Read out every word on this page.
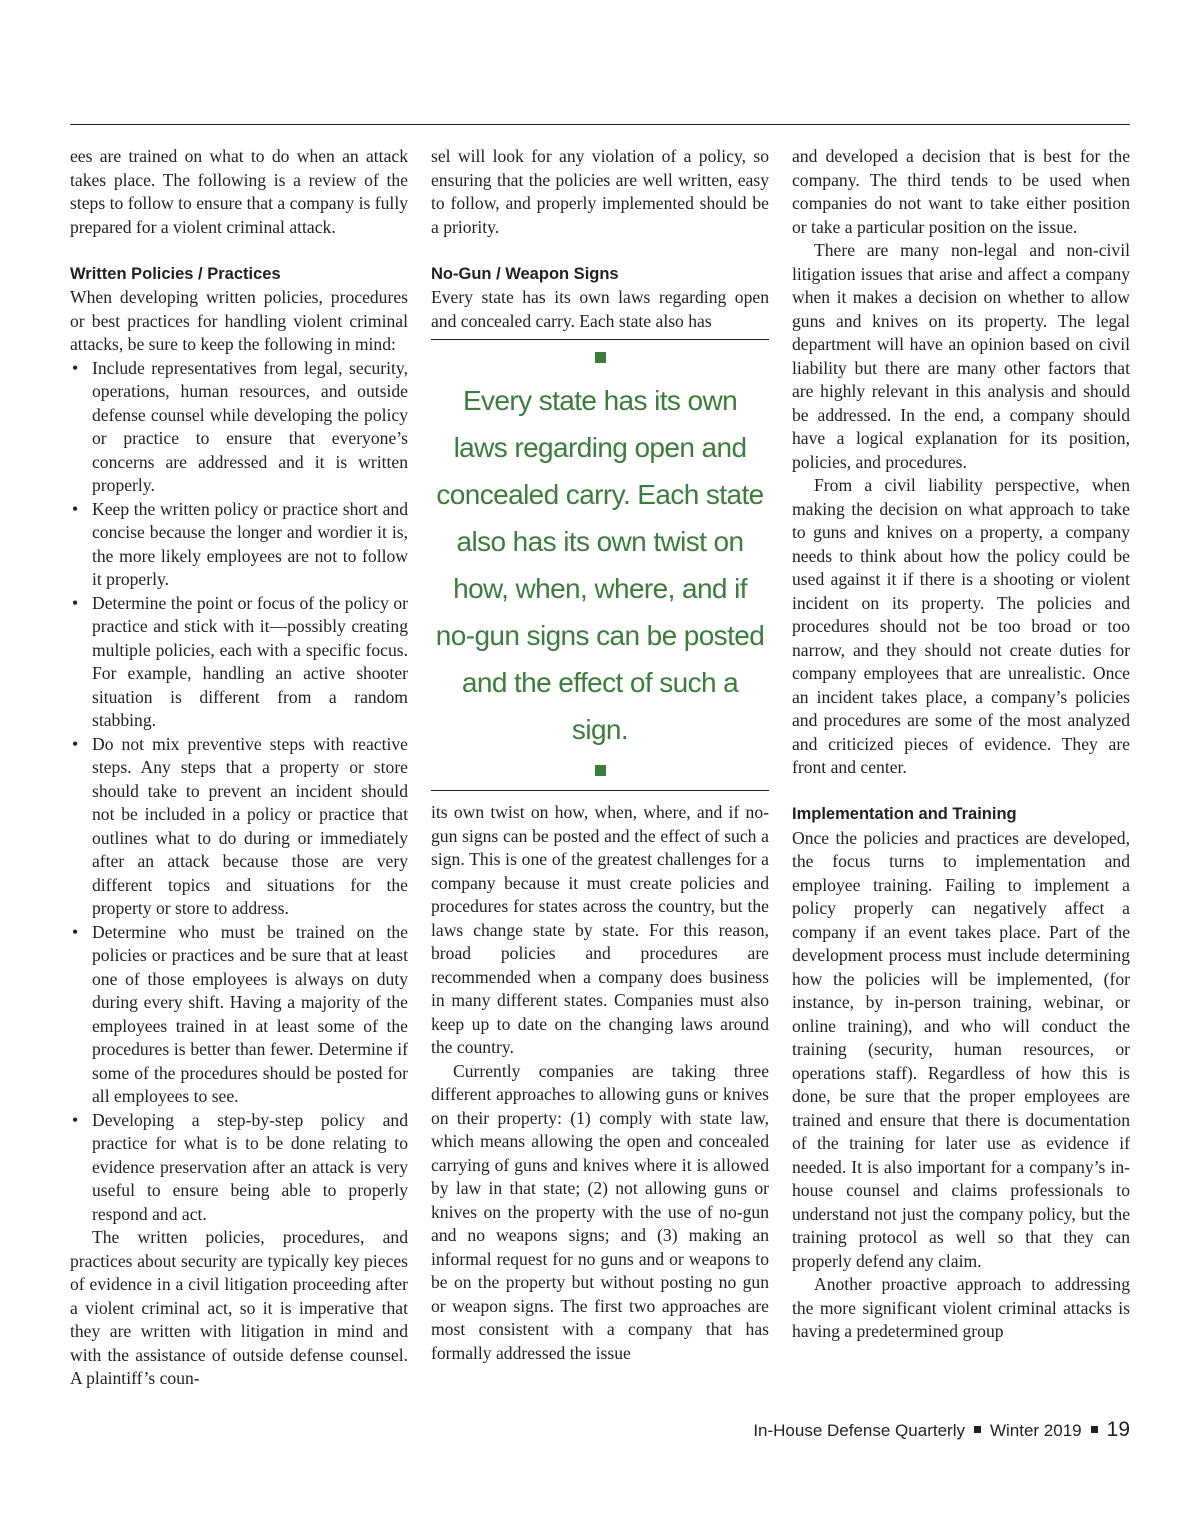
ees are trained on what to do when an attack takes place. The following is a review of the steps to follow to ensure that a company is fully prepared for a violent criminal attack.

Written Policies / Practices

When developing written policies, procedures or best practices for handling violent criminal attacks, be sure to keep the following in mind:

• Include representatives from legal, security, operations, human resources, and outside defense counsel while developing the policy or practice to ensure that everyone’s concerns are addressed and it is written properly.
• Keep the written policy or practice short and concise because the longer and wordier it is, the more likely employees are not to follow it properly.
• Determine the point or focus of the policy or practice and stick with it—possibly creating multiple policies, each with a specific focus. For example, handling an active shooter situation is different from a random stabbing.
• Do not mix preventive steps with reactive steps. Any steps that a property or store should take to prevent an incident should not be included in a policy or practice that outlines what to do during or immediately after an attack because those are very different topics and situations for the property or store to address.
• Determine who must be trained on the policies or practices and be sure that at least one of those employees is always on duty during every shift. Having a majority of the employees trained in at least some of the procedures is better than fewer. Determine if some of the procedures should be posted for all employees to see.
• Developing a step-by-step policy and practice for what is to be done relating to evidence preservation after an attack is very useful to ensure being able to properly respond and act.

The written policies, procedures, and practices about security are typically key pieces of evidence in a civil litigation proceeding after a violent criminal act, so it is imperative that they are written with litigation in mind and with the assistance of outside defense counsel. A plaintiff’s coun-

sel will look for any violation of a policy, so ensuring that the policies are well written, easy to follow, and properly implemented should be a priority.

No-Gun / Weapon Signs

Every state has its own laws regarding open and concealed carry. Each state also has

Every state has its own laws regarding open and concealed carry. Each state also has its own twist on how, when, where, and if no-gun signs can be posted and the effect of such a sign.

its own twist on how, when, where, and if no-gun signs can be posted and the effect of such a sign. This is one of the greatest challenges for a company because it must create policies and procedures for states across the country, but the laws change state by state. For this reason, broad policies and procedures are recommended when a company does business in many different states. Companies must also keep up to date on the changing laws around the country.

Currently companies are taking three different approaches to allowing guns or knives on their property: (1) comply with state law, which means allowing the open and concealed carrying of guns and knives where it is allowed by law in that state; (2) not allowing guns or knives on the property with the use of no-gun and no weapons signs; and (3) making an informal request for no guns and or weapons to be on the property but without posting no gun or weapon signs. The first two approaches are most consistent with a company that has formally addressed the issue

and developed a decision that is best for the company. The third tends to be used when companies do not want to take either position or take a particular position on the issue.

There are many non-legal and non-civil litigation issues that arise and affect a company when it makes a decision on whether to allow guns and knives on its property. The legal department will have an opinion based on civil liability but there are many other factors that are highly relevant in this analysis and should be addressed. In the end, a company should have a logical explanation for its position, policies, and procedures.

From a civil liability perspective, when making the decision on what approach to take to guns and knives on a property, a company needs to think about how the policy could be used against it if there is a shooting or violent incident on its property. The policies and procedures should not be too broad or too narrow, and they should not create duties for company employees that are unrealistic. Once an incident takes place, a company’s policies and procedures are some of the most analyzed and criticized pieces of evidence. They are front and center.

Implementation and Training

Once the policies and practices are developed, the focus turns to implementation and employee training. Failing to implement a policy properly can negatively affect a company if an event takes place. Part of the development process must include determining how the policies will be implemented, (for instance, by in-person training, webinar, or online training), and who will conduct the training (security, human resources, or operations staff). Regardless of how this is done, be sure that the proper employees are trained and ensure that there is documentation of the training for later use as evidence if needed. It is also important for a company’s in-house counsel and claims professionals to understand not just the company policy, but the training protocol as well so that they can properly defend any claim.

Another proactive approach to addressing the more significant violent criminal attacks is having a predetermined group

In-House Defense Quarterly Winter 2019 19
